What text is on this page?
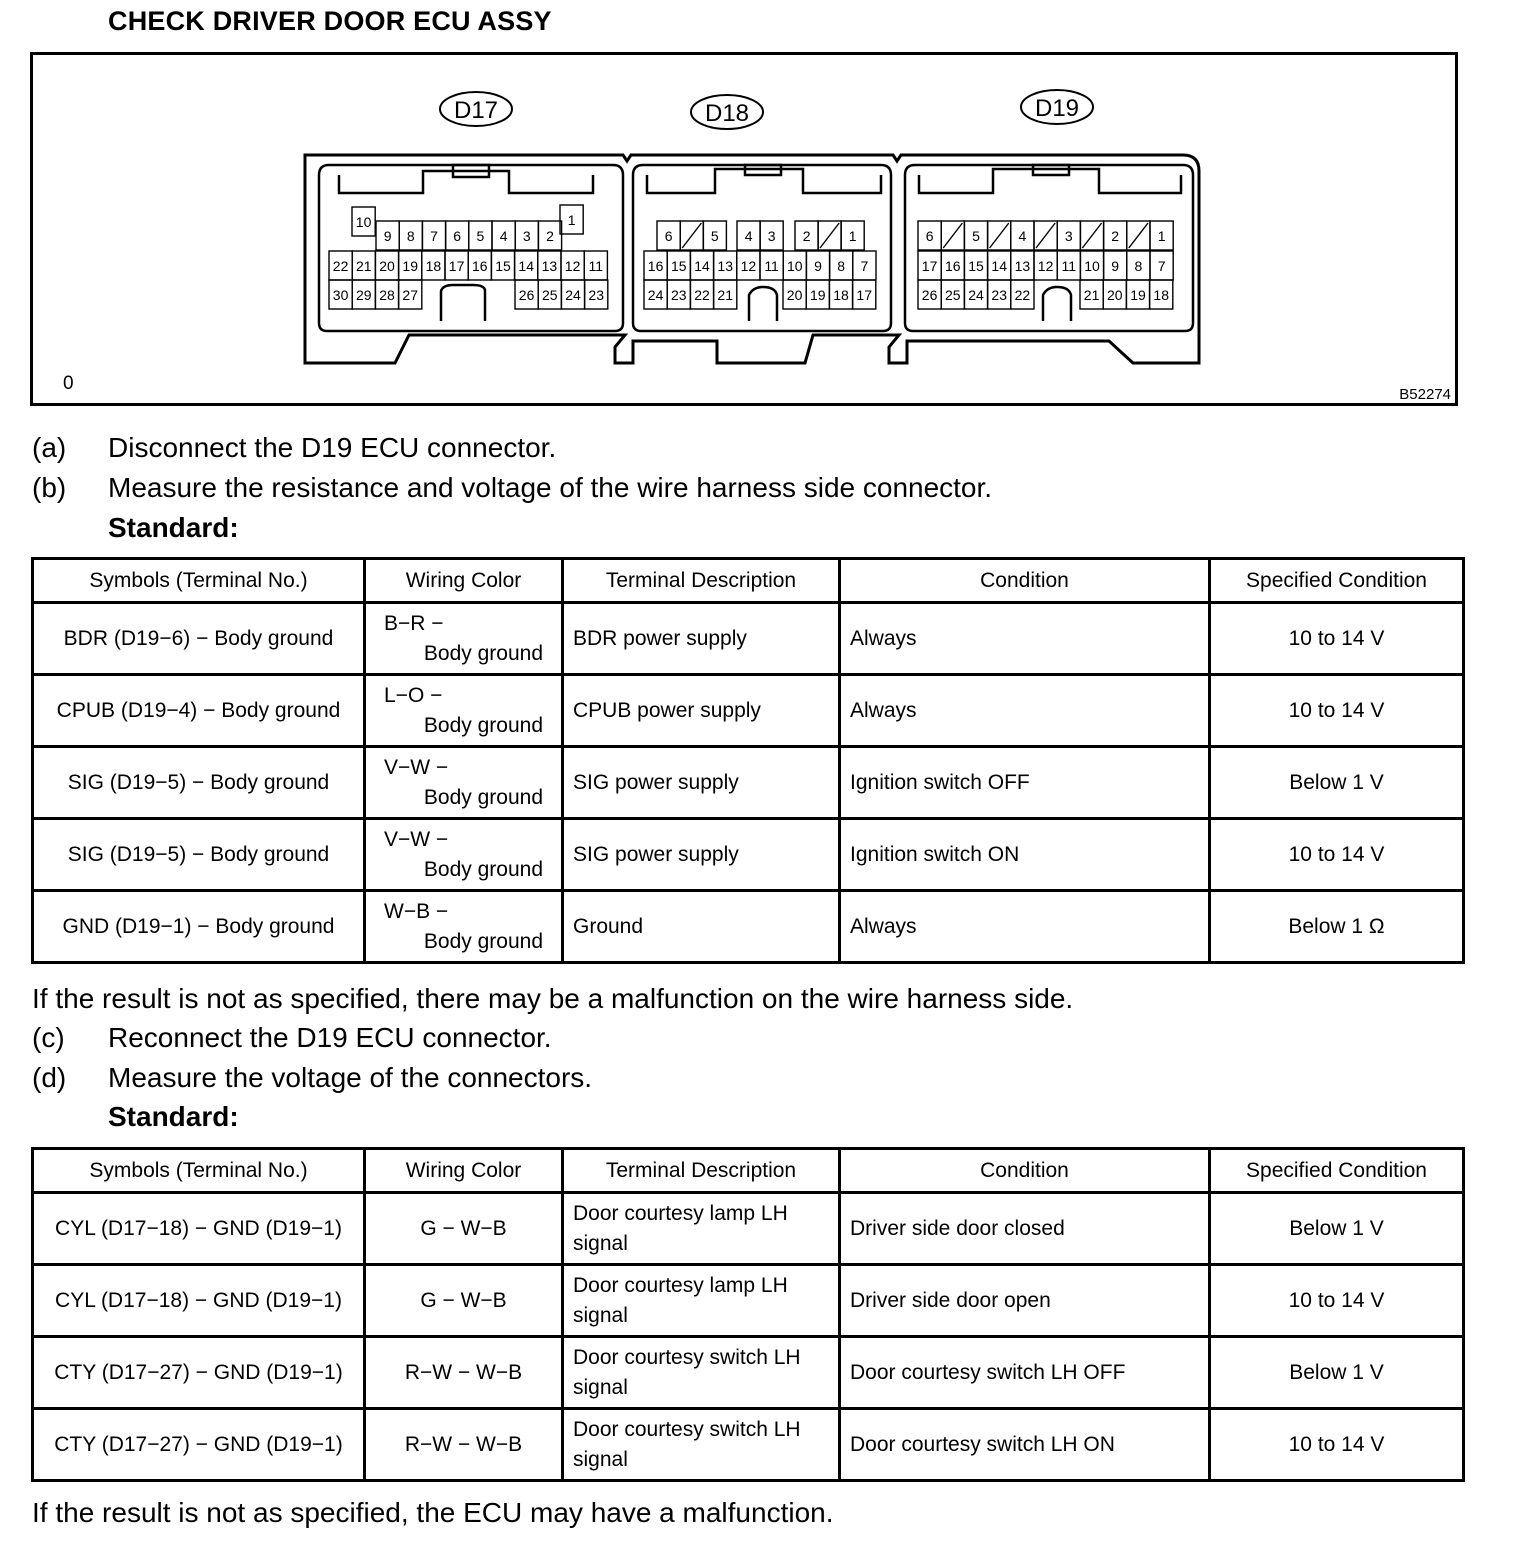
CHECK DRIVER DOOR ECU ASSY
10	1
9 8 7 6 5 4 3 2
22 21 20 19 18 17 16 15 14 13 12 11
30 29 28 27	26 25 24 23
6	5 4 3 2	1
16 15 14 13 12 11 10 9 8 7
24 23 22 21	20 19 18 17
6	5	4	3	2	1
17 16 15 14 13 12 11 10 9 8 7
26 25 24 23 22	21 20 19 18
D17	D18	D19
0
B52274
(a) Disconnect the D19 ECU connector.
(b) Measure the resistance and voltage of the wire harness side connector.
Standard:
Symbols (Terminal No.)	Wiring Color	Terminal Description	Condition	Specified Condition
BDR (D19−6) − Body ground	B−R −
Body ground	BDR power supply	Always	10 to 14 V
CPUB (D19−4) − Body ground	L−O −
Body ground	CPUB power supply	Always	10 to 14 V
SIG (D19−5) − Body ground	V−W −
Body ground	SIG power supply	Ignition switch OFF	Below 1 V
SIG (D19−5) − Body ground	V−W −
Body ground	SIG power supply	Ignition switch ON	10 to 14 V
GND (D19−1) − Body ground	W−B −
Body ground	Ground	Always	Below 1 Ω
If the result is not as specified, there may be a malfunction on the wire harness side.
(c) Reconnect the D19 ECU connector.
(d) Measure the voltage of the connectors.
Standard:
Symbols (Terminal No.)	Wiring Color	Terminal Description	Condition	Specified Condition
CYL (D17−18) − GND (D19−1)	G − W−B	Door courtesy lamp LH
signal	Driver side door closed	Below 1 V
CYL (D17−18) − GND (D19−1)	G − W−B	Door courtesy lamp LH
signal	Driver side door open	10 to 14 V
CTY (D17−27) − GND (D19−1)	R−W − W−B	Door courtesy switch LH
signal	Door courtesy switch LH OFF	Below 1 V
CTY (D17−27) − GND (D19−1)	R−W − W−B	Door courtesy switch LH
signal	Door courtesy switch LH ON	10 to 14 V
If the result is not as specified, the ECU may have a malfunction.
